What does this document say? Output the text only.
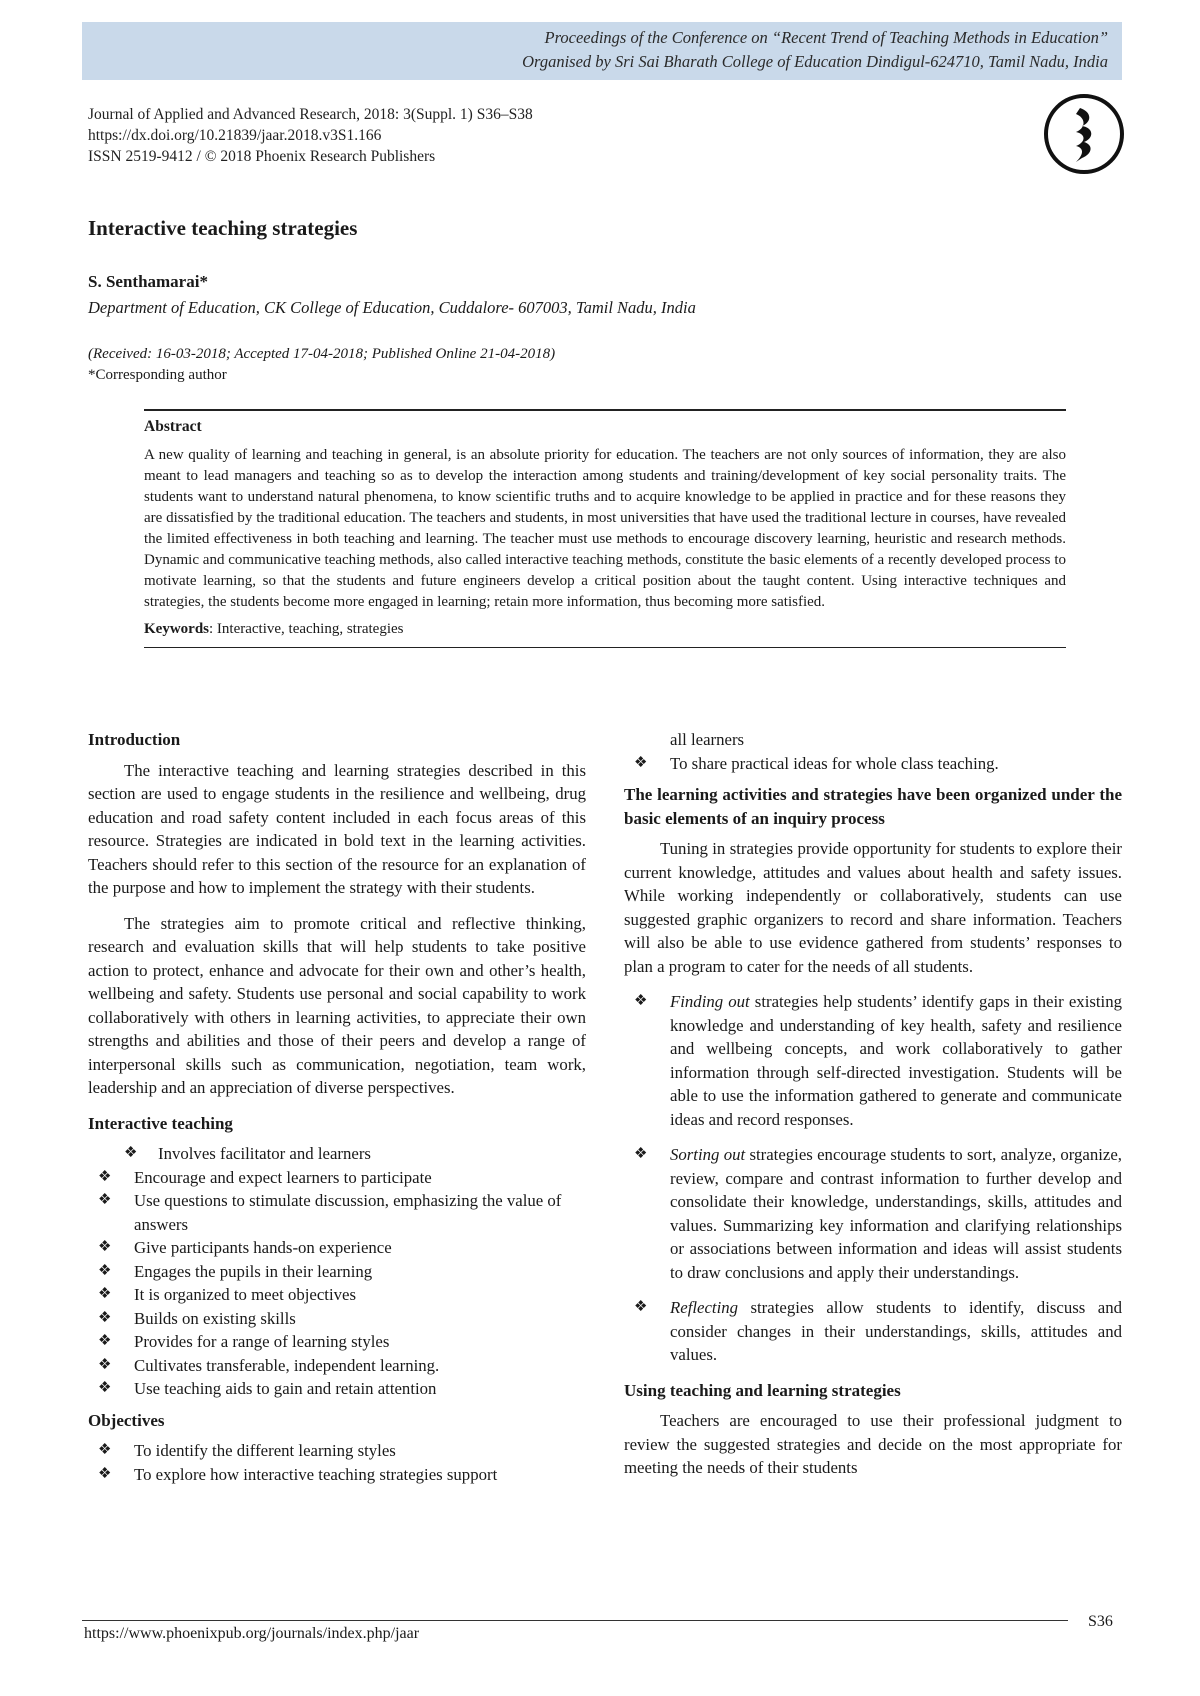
Proceedings of the Conference on “Recent Trend of Teaching Methods in Education”
Organised by Sri Sai Bharath College of Education Dindigul-624710, Tamil Nadu, India
Journal of Applied and Advanced Research, 2018: 3(Suppl. 1) S36–S38
https://dx.doi.org/10.21839/jaar.2018.v3S1.166
ISSN 2519-9412 / © 2018 Phoenix Research Publishers
Interactive teaching strategies
S. Senthamarai*
Department of Education, CK College of Education, Cuddalore- 607003, Tamil Nadu, India
(Received: 16-03-2018; Accepted 17-04-2018; Published Online 21-04-2018)
*Corresponding author
Abstract

A new quality of learning and teaching in general, is an absolute priority for education. The teachers are not only sources of information, they are also meant to lead managers and teaching so as to develop the interaction among students and training/development of key social personality traits. The students want to understand natural phenomena, to know scientific truths and to acquire knowledge to be applied in practice and for these reasons they are dissatisfied by the traditional education. The teachers and students, in most universities that have used the traditional lecture in courses, have revealed the limited effectiveness in both teaching and learning. The teacher must use methods to encourage discovery learning, heuristic and research methods. Dynamic and communicative teaching methods, also called interactive teaching methods, constitute the basic elements of a recently developed process to motivate learning, so that the students and future engineers develop a critical position about the taught content. Using interactive techniques and strategies, the students become more engaged in learning; retain more information, thus becoming more satisfied.

Keywords: Interactive, teaching, strategies
Introduction

The interactive teaching and learning strategies described in this section are used to engage students in the resilience and wellbeing, drug education and road safety content included in each focus areas of this resource. Strategies are indicated in bold text in the learning activities. Teachers should refer to this section of the resource for an explanation of the purpose and how to implement the strategy with their students.

The strategies aim to promote critical and reflective thinking, research and evaluation skills that will help students to take positive action to protect, enhance and advocate for their own and other’s health, wellbeing and safety. Students use personal and social capability to work collaboratively with others in learning activities, to appreciate their own strengths and abilities and those of their peers and develop a range of interpersonal skills such as communication, negotiation, team work, leadership and an appreciation of diverse perspectives.

Interactive teaching
❖ Involves facilitator and learners
❖ Encourage and expect learners to participate
❖ Use questions to stimulate discussion, emphasizing the value of answers
❖ Give participants hands-on experience
❖ Engages the pupils in their learning
❖ It is organized to meet objectives
❖ Builds on existing skills
❖ Provides for a range of learning styles
❖ Cultivates transferable, independent learning.
❖ Use teaching aids to gain and retain attention
Objectives
❖ To identify the different learning styles
❖ To explore how interactive teaching strategies support
all learners
❖ To share practical ideas for whole class teaching.
The learning activities and strategies have been organized under the basic elements of an inquiry process

Tuning in strategies provide opportunity for students to explore their current knowledge, attitudes and values about health and safety issues. While working independently or collaboratively, students can use suggested graphic organizers to record and share information. Teachers will also be able to use evidence gathered from students’ responses to plan a program to cater for the needs of all students.

❖ Finding out strategies help students’ identify gaps in their existing knowledge and understanding of key health, safety and resilience and wellbeing concepts, and work collaboratively to gather information through self-directed investigation. Students will be able to use the information gathered to generate and communicate ideas and record responses.
❖ Sorting out strategies encourage students to sort, analyze, organize, review, compare and contrast information to further develop and consolidate their knowledge, understandings, skills, attitudes and values. Summarizing key information and clarifying relationships or associations between information and ideas will assist students to draw conclusions and apply their understandings.
❖ Reflecting strategies allow students to identify, discuss and consider changes in their understandings, skills, attitudes and values.
Using teaching and learning strategies

Teachers are encouraged to use their professional judgment to review the suggested strategies and decide on the most appropriate for meeting the needs of their students

https://www.phoenixpub.org/journals/index.php/jaar
S36
